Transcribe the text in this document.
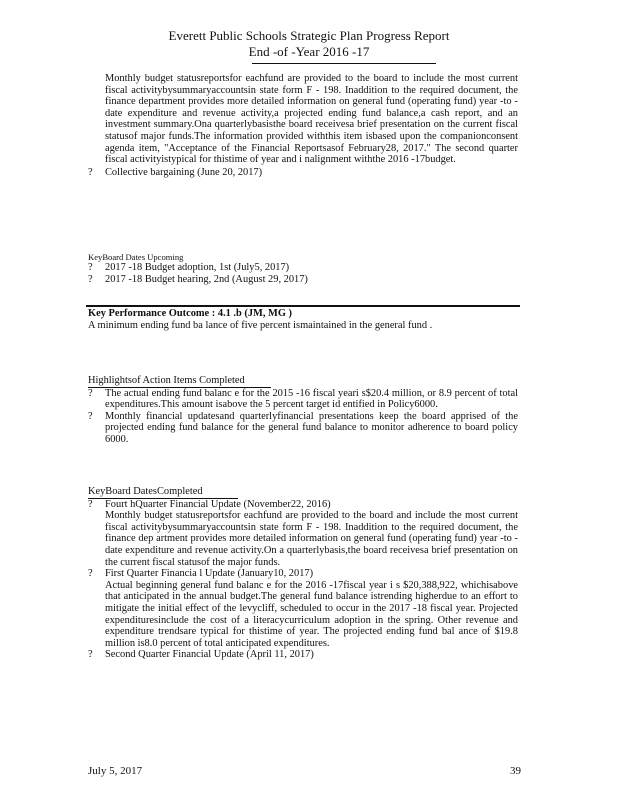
Everett Public Schools Strategic Plan Progress Report
End -of -Year 2016 -17

Monthly budget statusreportsfor eachfund are provided to the board to include the most current fiscal activitybysummaryaccountsin state form F - 198. Inaddition to the required document, the finance department provides more detailed information on general fund (operating fund) year -to -date expenditure and revenue activity,a projected ending fund balance,a cash report, and an investment summary.Ona quarterlybasisthe board receivesa brief presentation on the current fiscal statusof major funds.The information provided withthis item isbased upon the companionconsent agenda item, "Acceptance of the Financial Reportsasof February28, 2017." The second quarter fiscal activityistypical for thistime of year and i nalignment withthe 2016 -17budget.

?	Collective bargaining (June 20, 2017)
KeyBoard Dates Upcoming
?	2017 -18 Budget adoption, 1st (July5, 2017)
?	2017 -18 Budget hearing, 2nd (August 29, 2017)
Key Performance Outcome : 4.1 .b (JM, MG )

A minimum ending fund ba lance of five percent ismaintained in the general fund .

Highlightsof Action Items Completed
?	The actual ending fund balanc e for the 2015 -16 fiscal yeari s$20.4 million, or 8.9 percent of total expenditures.This amount isabove the 5 percent target id entified in Policy6000.

?	Monthly financial updatesand quarterlyfinancial presentations keep the board apprised of the projected ending fund balance for the general fund balance to monitor adherence to board policy 6000.

KeyBoard DatesCompleted
?	Fourt hQuarter Financial Update (November22, 2016)

Monthly budget statusreportsfor eachfund are provided to the board and include the most current fiscal activitybysummaryaccountsin state form F - 198. Inaddition to the required document, the finance dep artment provides more detailed information on general fund (operating fund) year -to -date expenditure and revenue activity.On a quarterlybasis,the board receivesa brief presentation on the current fiscal statusof the major funds.

?	First Quarter Financia l Update (January10, 2017)

Actual beginning general fund balanc e for the 2016 -17fiscal year i s $20,388,922, whichisabove that anticipated in the annual budget.The general fund balance istrending higherdue to an effort to mitigate the initial effect of the levycliff, scheduled to occur in the 2017 -18 fiscal year. Projected expendituresinclude the cost of a literacycurriculum adoption in the spring. Other revenue and expenditure trendsare typical for thistime of year. The projected ending fund bal ance of $19.8 million is8.0 percent of total anticipated expenditures.

?	Second Quarter Financial Update (April 11, 2017)
July 5, 2017	39
